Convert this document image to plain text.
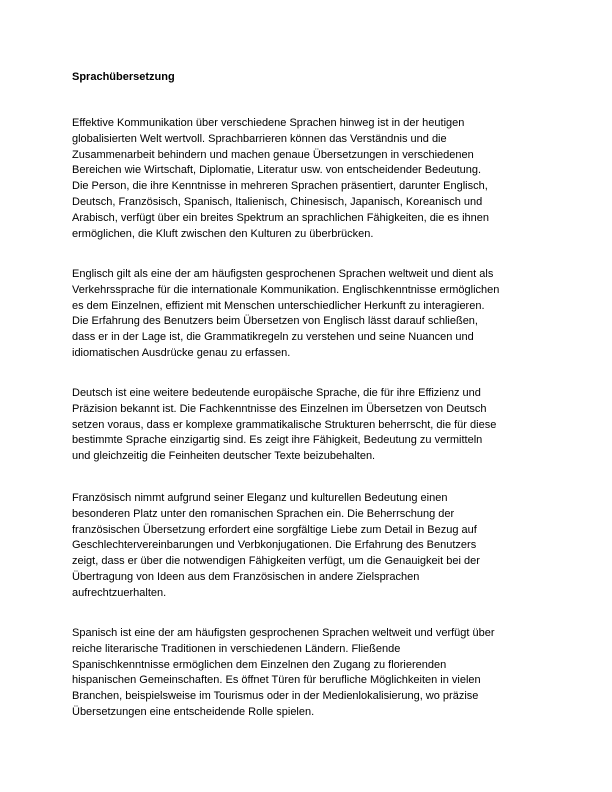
Sprachübersetzung
Effektive Kommunikation über verschiedene Sprachen hinweg ist in der heutigen
globalisierten Welt wertvoll. Sprachbarrieren können das Verständnis und die
Zusammenarbeit behindern und machen genaue Übersetzungen in verschiedenen
Bereichen wie Wirtschaft, Diplomatie, Literatur usw. von entscheidender Bedeutung.
Die Person, die ihre Kenntnisse in mehreren Sprachen präsentiert, darunter Englisch,
Deutsch, Französisch, Spanisch, Italienisch, Chinesisch, Japanisch, Koreanisch und
Arabisch, verfügt über ein breites Spektrum an sprachlichen Fähigkeiten, die es ihnen
ermöglichen, die Kluft zwischen den Kulturen zu überbrücken.
Englisch gilt als eine der am häufigsten gesprochenen Sprachen weltweit und dient als
Verkehrssprache für die internationale Kommunikation. Englischkenntnisse ermöglichen
es dem Einzelnen, effizient mit Menschen unterschiedlicher Herkunft zu interagieren.
Die Erfahrung des Benutzers beim Übersetzen von Englisch lässt darauf schließen,
dass er in der Lage ist, die Grammatikregeln zu verstehen und seine Nuancen und
idiomatischen Ausdrücke genau zu erfassen.
Deutsch ist eine weitere bedeutende europäische Sprache, die für ihre Effizienz und
Präzision bekannt ist. Die Fachkenntnisse des Einzelnen im Übersetzen von Deutsch
setzen voraus, dass er komplexe grammatikalische Strukturen beherrscht, die für diese
bestimmte Sprache einzigartig sind. Es zeigt ihre Fähigkeit, Bedeutung zu vermitteln
und gleichzeitig die Feinheiten deutscher Texte beizubehalten.
Französisch nimmt aufgrund seiner Eleganz und kulturellen Bedeutung einen
besonderen Platz unter den romanischen Sprachen ein. Die Beherrschung der
französischen Übersetzung erfordert eine sorgfältige Liebe zum Detail in Bezug auf
Geschlechtervereinbarungen und Verbkonjugationen. Die Erfahrung des Benutzers
zeigt, dass er über die notwendigen Fähigkeiten verfügt, um die Genauigkeit bei der
Übertragung von Ideen aus dem Französischen in andere Zielsprachen
aufrechtzuerhalten.
Spanisch ist eine der am häufigsten gesprochenen Sprachen weltweit und verfügt über
reiche literarische Traditionen in verschiedenen Ländern. Fließende
Spanischkenntnisse ermöglichen dem Einzelnen den Zugang zu florierenden
hispanischen Gemeinschaften. Es öffnet Türen für berufliche Möglichkeiten in vielen
Branchen, beispielsweise im Tourismus oder in der Medienlokalisierung, wo präzise
Übersetzungen eine entscheidende Rolle spielen.
